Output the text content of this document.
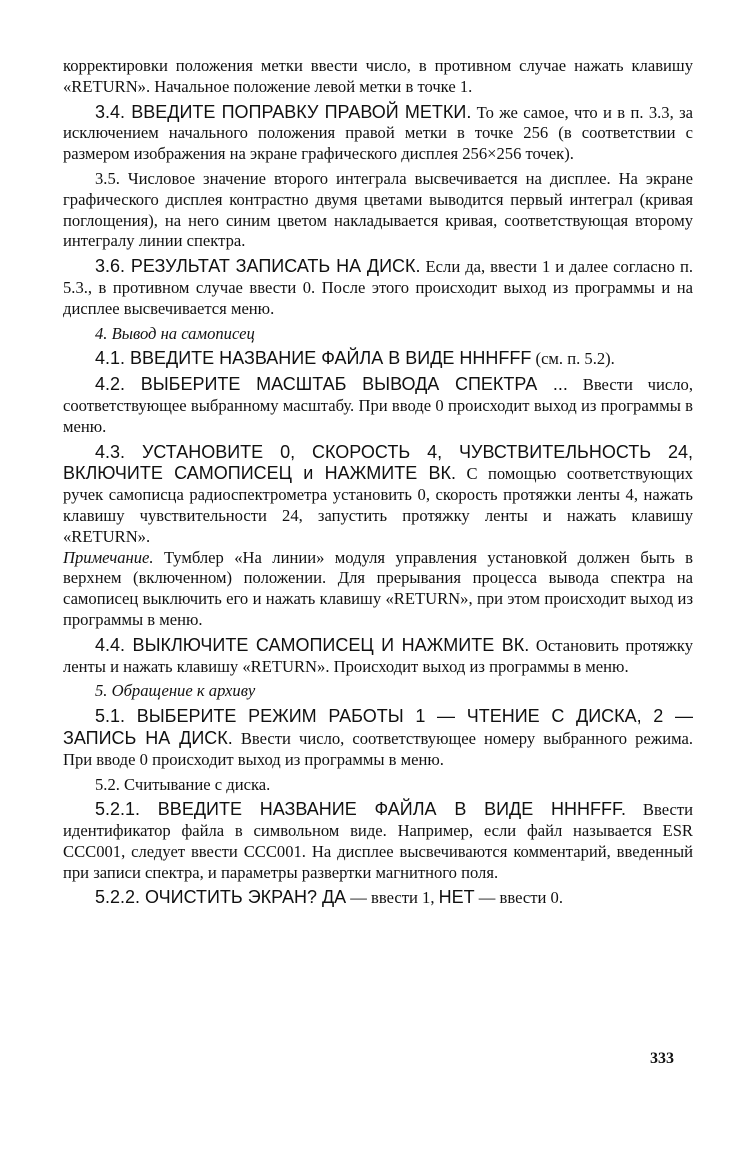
корректировки положения метки ввести число, в противном случае нажать клавишу «RETURN». Начальное положение левой метки в точке 1.

3.4. ВВЕДИТЕ ПОПРАВКУ ПРАВОЙ МЕТКИ. То же самое, что и в п. 3.3, за исключением начального положения правой метки в точке 256 (в соответствии с размером изображения на экране графического дисплея 256×256 точек).

3.5. Числовое значение второго интеграла высвечивается на дисплее. На экране графического дисплея контрастно двумя цветами выводится первый интеграл (кривая поглощения), на него синим цветом накладывается кривая, соответствующая второму интегралу линии спектра.

3.6. РЕЗУЛЬТАТ ЗАПИСАТЬ НА ДИСК. Если да, ввести 1 и далее согласно п. 5.3., в противном случае ввести 0. После этого происходит выход из программы и на дисплее высвечивается меню.

4. Вывод на самописец

4.1. ВВЕДИТЕ НАЗВАНИЕ ФАЙЛА В ВИДЕ HHHFFF (см. п. 5.2).

4.2. ВЫБЕРИТЕ МАСШТАБ ВЫВОДА СПЕКТРА ... Ввести число, соответствующее выбранному масштабу. При вводе 0 происходит выход из программы в меню.

4.3. УСТАНОВИТЕ 0, СКОРОСТЬ 4, ЧУВСТВИТЕЛЬНОСТЬ 24, ВКЛЮЧИТЕ САМОПИСЕЦ и НАЖМИТЕ ВК. С помощью соответствующих ручек самописца радиоспектрометра установить 0, скорость протяжки ленты 4, нажать клавишу чувствительности 24, запустить протяжку ленты и нажать клавишу «RETURN».

Примечание. Тумблер «На линии» модуля управления установкой должен быть в верхнем (включенном) положении. Для прерывания процесса вывода спектра на самописец выключить его и нажать клавишу «RETURN», при этом происходит выход из программы в меню.

4.4. ВЫКЛЮЧИТЕ САМОПИСЕЦ И НАЖМИТЕ ВК. Остановить протяжку ленты и нажать клавишу «RETURN». Происходит выход из программы в меню.

5. Обращение к архиву

5.1. ВЫБЕРИТЕ РЕЖИМ РАБОТЫ 1 — ЧТЕНИЕ С ДИСКА, 2 — ЗАПИСЬ НА ДИСК. Ввести число, соответствующее номеру выбранного режима. При вводе 0 происходит выход из программы в меню.

5.2. Считывание с диска.

5.2.1. ВВЕДИТЕ НАЗВАНИЕ ФАЙЛА В ВИДЕ HHHFFF. Ввести идентификатор файла в символьном виде. Например, если файл называется ESR CCC001, следует ввести CCC001. На дисплее высвечиваются комментарий, введенный при записи спектра, и параметры развертки магнитного поля.

5.2.2. ОЧИСТИТЬ ЭКРАН? ДА — ввести 1, НЕТ — ввести 0.

333
